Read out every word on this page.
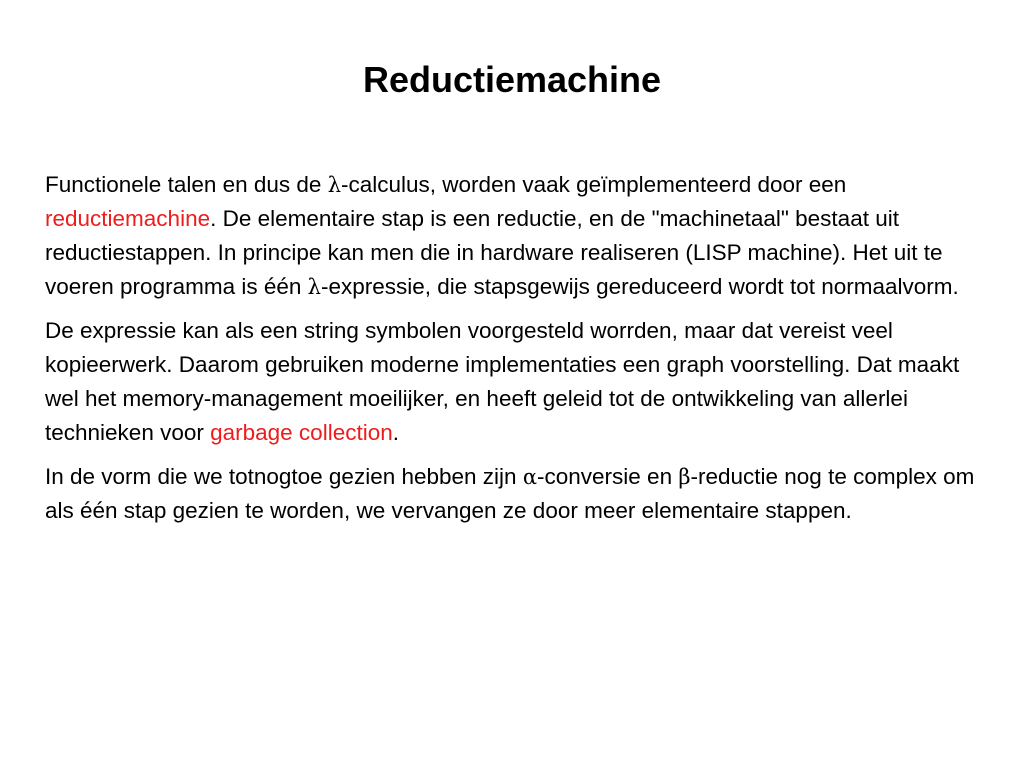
Reductiemachine

Functionele talen en dus de λ-calculus, worden vaak geïmplementeerd door een reductiemachine. De elementaire stap is een reductie, en de "machinetaal" bestaat uit reductiestappen. In principe kan men die in hardware realiseren (LISP machine). Het uit te voeren programma is één λ-expressie, die stapsgewijs gereduceerd wordt tot normaalvorm.

De expressie kan als een string symbolen voorgesteld worrden, maar dat vereist veel kopieerwerk. Daarom gebruiken moderne implementaties een graph voorstelling. Dat maakt wel het memory-management moeilijker, en heeft geleid tot de ontwikkeling van allerlei technieken voor garbage collection.

In de vorm die we totnogtoe gezien hebben zijn α-conversie en β-reductie nog te complex om als één stap gezien te worden, we vervangen ze door meer elementaire stappen.
